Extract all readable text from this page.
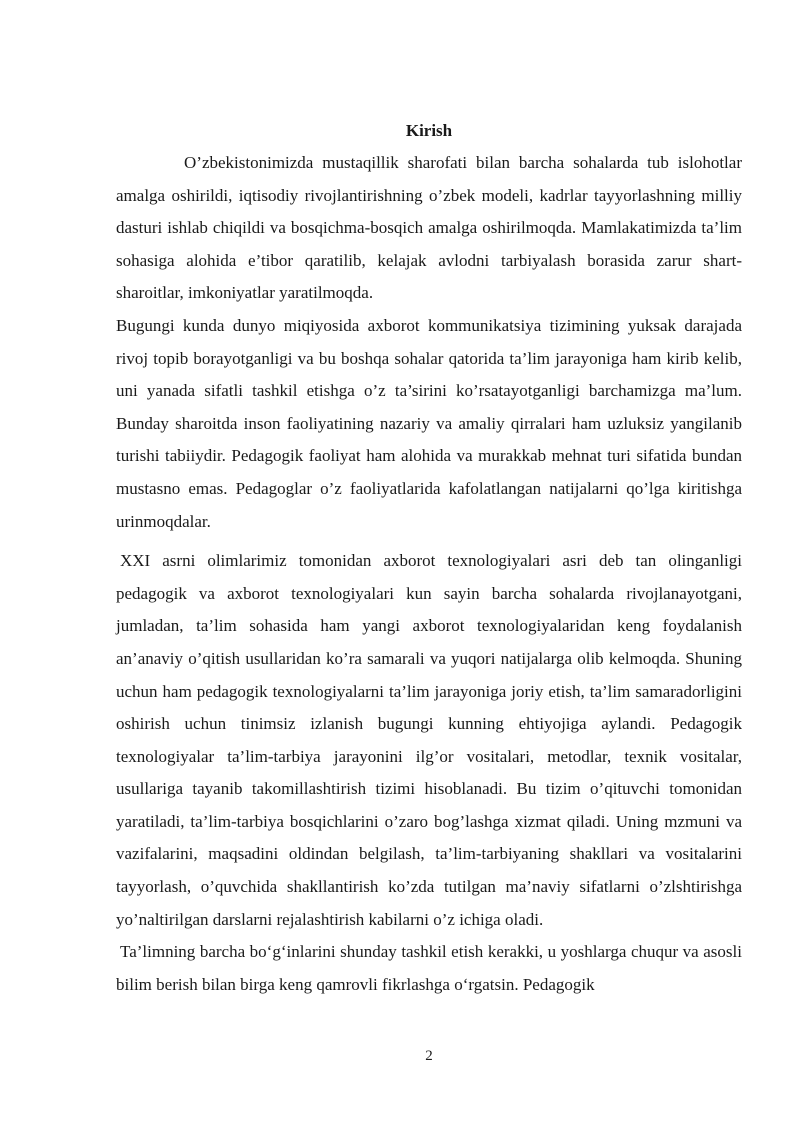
Kirish

O’zbekistonimizda mustaqillik sharofati bilan barcha sohalarda tub islohotlar amalga oshirildi, iqtisodiy rivojlantirishning o’zbek modeli, kadrlar tayyorlashning milliy dasturi ishlab chiqildi va bosqichma-bosqich amalga oshirilmoqda. Mamlakatimizda ta’lim sohasiga alohida e’tibor qaratilib, kelajak avlodni tarbiyalash borasida zarur shart-sharoitlar, imkoniyatlar yaratilmoqda.

Bugungi kunda dunyo miqiyosida axborot kommunikatsiya tizimining yuksak darajada rivoj topib borayotganligi va bu boshqa sohalar qatorida ta’lim jarayoniga ham kirib kelib, uni yanada sifatli tashkil etishga o’z ta’sirini ko’rsatayotganligi barchamizga ma’lum. Bunday sharoitda inson faoliyatining nazariy va amaliy qirralari ham uzluksiz yangilanib turishi tabiiydir. Pedagogik faoliyat ham alohida va murakkab mehnat turi sifatida bundan mustasno emas. Pedagoglar o’z faoliyatlarida kafolatlangan natijalarni qo’lga kiritishga urinmoqdalar.

XXI asrni olimlarimiz tomonidan axborot texnologiyalari asri deb tan olinganligi pedagogik va axborot texnologiyalari kun sayin barcha sohalarda rivojlanayotgani, jumladan, ta’lim sohasida ham yangi axborot texnologiyalaridan keng foydalanish an’anaviy o’qitish usullaridan ko’ra samarali va yuqori natijalarga olib kelmoqda. Shuning uchun ham pedagogik texnologiyalarni ta’lim jarayoniga joriy etish, ta’lim samaradorligini oshirish uchun tinimsiz izlanish bugungi kunning ehtiyojiga aylandi. Pedagogik texnologiyalar ta’lim-tarbiya jarayonini ilg’or vositalari, metodlar, texnik vositalar, usullariga tayanib takomillashtirish tizimi hisoblanadi. Bu tizim o’qituvchi tomonidan yaratiladi, ta’lim-tarbiya bosqichlarini o’zaro bog’lashga xizmat qiladi. Uning mzmuni va vazifalarini, maqsadini oldindan belgilash, ta’lim-tarbiyaning shakllari va vositalarini tayyorlash, o’quvchida shakllantirish ko’zda tutilgan ma’naviy sifatlarni o’zlshtirishga yo’naltirilgan darslarni rejalashtirish kabilarni o’z ichiga oladi.

Ta’limning barcha bo‘g‘inlarini shunday tashkil etish kerakki, u yoshlarga chuqur va asosli bilim berish bilan birga keng qamrovli fikrlashga o‘rgatsin. Pedagogik

2
